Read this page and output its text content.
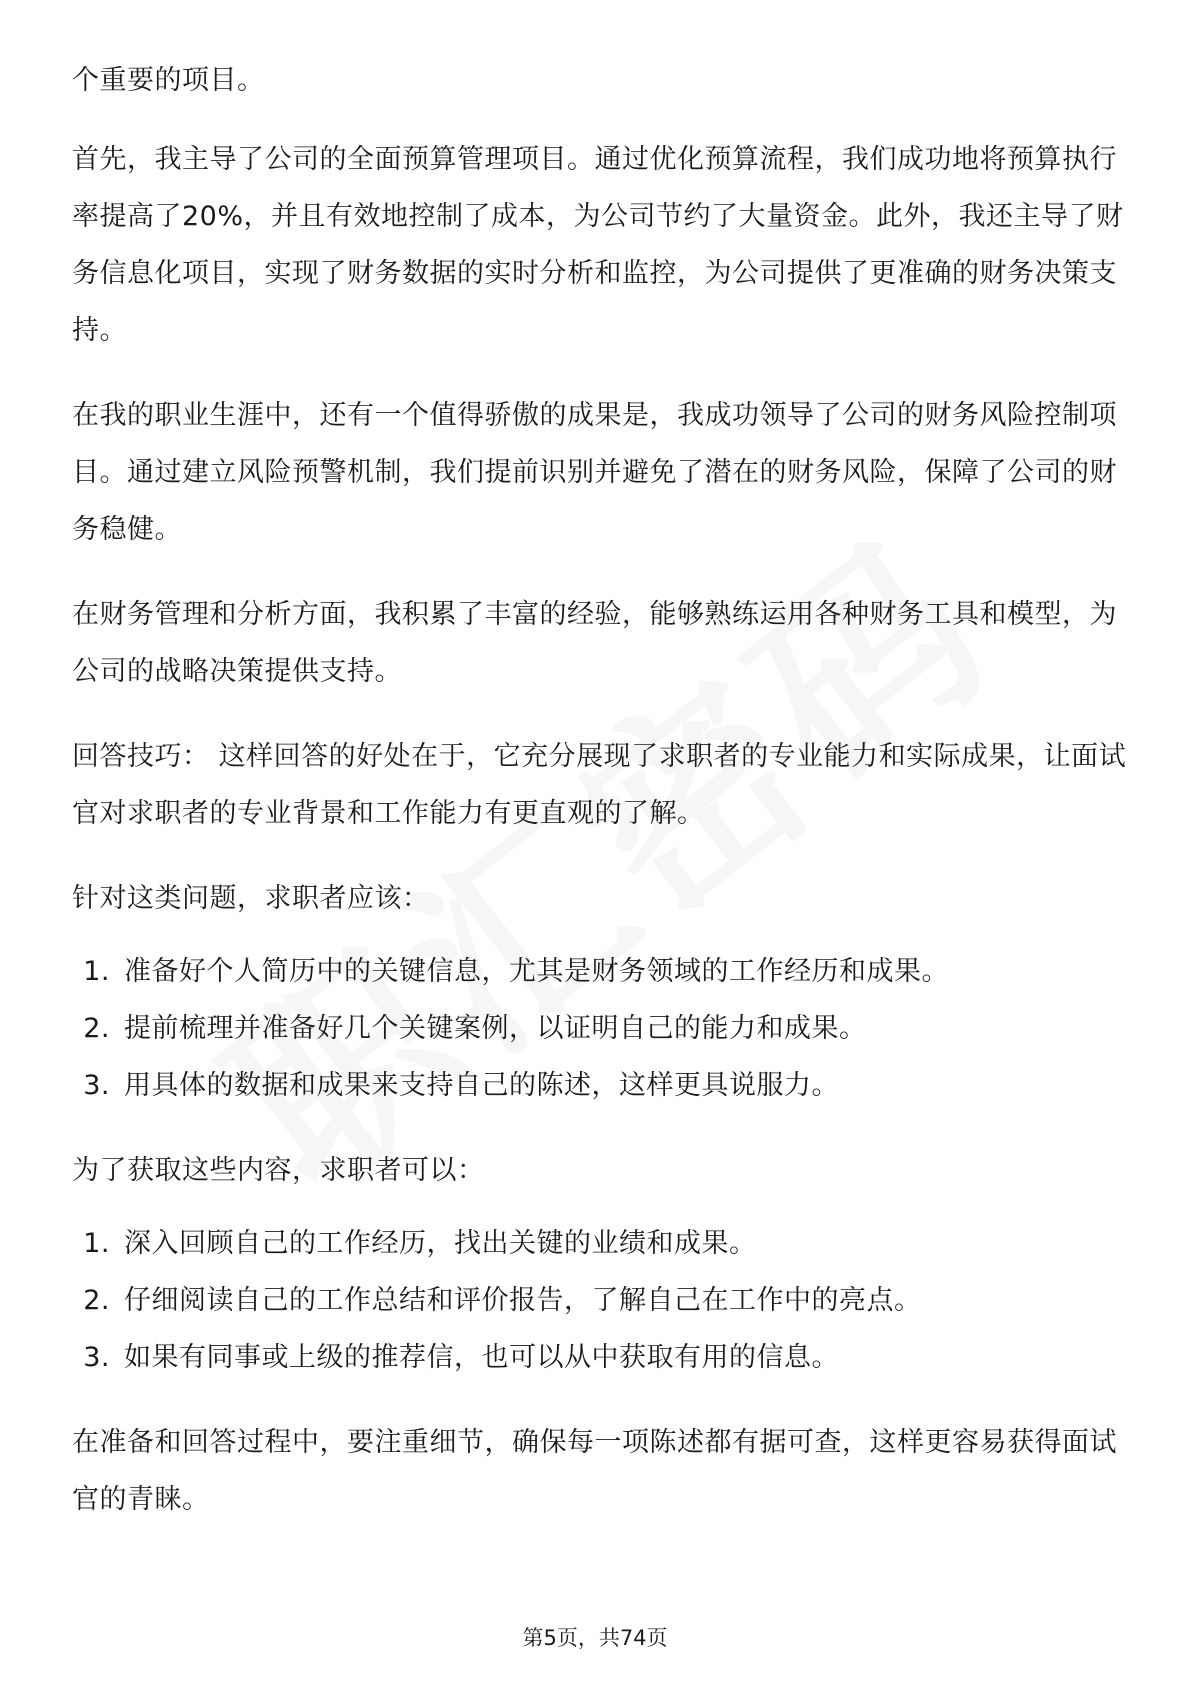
个重要的项目。

首先，我主导了公司的全面预算管理项目。通过优化预算流程，我们成功地将预算执行率提高了20%，并且有效地控制了成本，为公司节约了大量资金。此外，我还主导了财务信息化项目，实现了财务数据的实时分析和监控，为公司提供了更准确的财务决策支持。

在我的职业生涯中，还有一个值得骄傲的成果是，我成功领导了公司的财务风险控制项目。通过建立风险预警机制，我们提前识别并避免了潜在的财务风险，保障了公司的财务稳健。

在财务管理和分析方面，我积累了丰富的经验，能够熟练运用各种财务工具和模型，为公司的战略决策提供支持。

回答技巧： 这样回答的好处在于，它充分展现了求职者的专业能力和实际成果，让面试官对求职者的专业背景和工作能力有更直观的了解。

针对这类问题，求职者应该：

1. 准备好个人简历中的关键信息，尤其是财务领域的工作经历和成果。
2. 提前梳理并准备好几个关键案例，以证明自己的能力和成果。
3. 用具体的数据和成果来支持自己的陈述，这样更具说服力。

为了获取这些内容，求职者可以：

1. 深入回顾自己的工作经历，找出关键的业绩和成果。
2. 仔细阅读自己的工作总结和评价报告，了解自己在工作中的亮点。
3. 如果有同事或上级的推荐信，也可以从中获取有用的信息。

在准备和回答过程中，要注重细节，确保每一项陈述都有据可查，这样更容易获得面试官的青睐。

第5页，共74页
